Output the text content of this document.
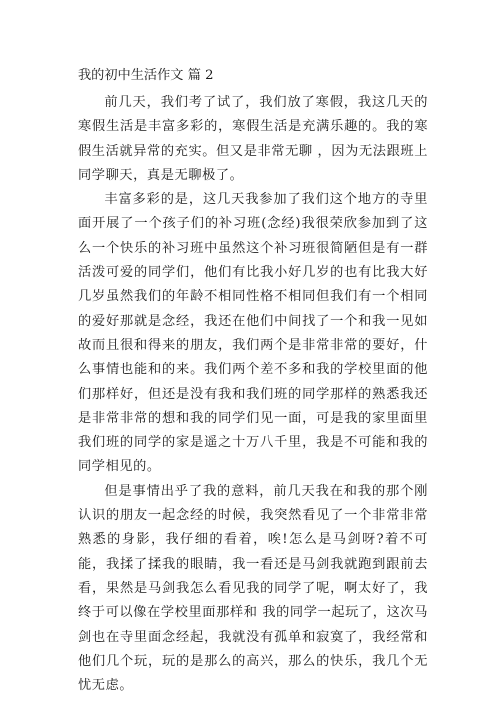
我的初中生活作文 篇 2

前几天，我们考了试了，我们放了寒假，我这几天的寒假生活是丰富多彩的，寒假生活是充满乐趣的。我的寒假生活就异常的充实。但又是非常无聊 ，因为无法跟班上同学聊天，真是无聊极了。

丰富多彩的是，这几天我参加了我们这个地方的寺里面开展了一个孩子们的补习班(念经)我很荣欣参加到了这么一个快乐的补习班中虽然这个补习班很简陋但是有一群活泼可爱的同学们，他们有比我小好几岁的也有比我大好几岁虽然我们的年龄不相同性格不相同但我们有一个相同的爱好那就是念经，我还在他们中间找了一个和我一见如故而且很和得来的朋友，我们两个是非常非常的要好，什么事情也能和的来。我们两个差不多和我的学校里面的他们那样好，但还是没有我和我们班的同学那样的熟悉我还是非常非常的想和我的同学们见一面，可是我的家里面里我们班的同学的家是遥之十万八千里，我是不可能和我的同学相见的。

但是事情出乎了我的意料，前几天我在和我的那个刚认识的朋友一起念经的时候，我突然看见了一个非常非常熟悉的身影，我仔细的看着，唉!怎么是马剑呀?着不可能，我揉了揉我的眼睛，我一看还是马剑我就跑到跟前去看，果然是马剑我怎么看见我的同学了呢，啊太好了，我终于可以像在学校里面那样和 我的同学一起玩了，这次马剑也在寺里面念经起，我就没有孤单和寂寞了，我经常和他们几个玩，玩的是那么的高兴，那么的快乐，我几个无忧无虑。
